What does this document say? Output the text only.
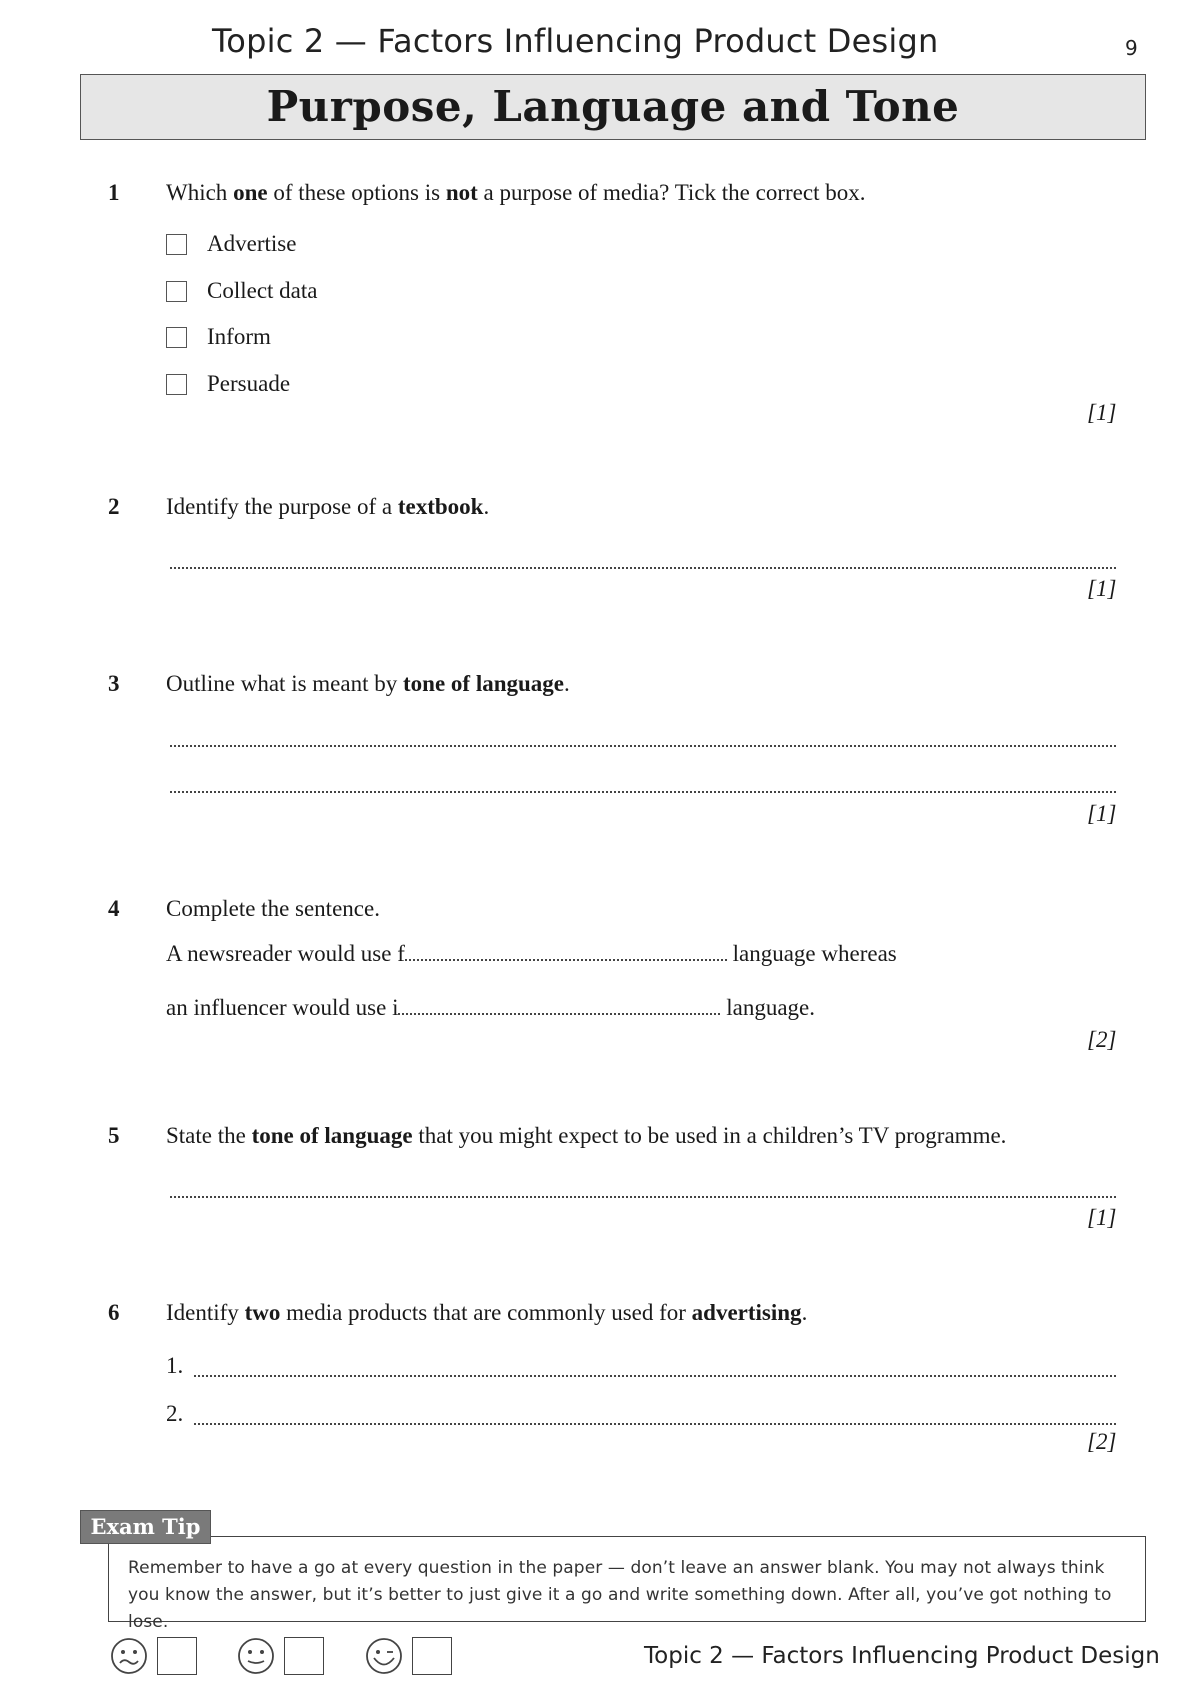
Topic 2 — Factors Influencing Product Design	9
Purpose, Language and Tone
1 Which one of these options is not a purpose of media? Tick the correct box.
Advertise
Collect data
Inform
Persuade
[1]
2 Identify the purpose of a textbook.
[1]
3 Outline what is meant by tone of language.
[1]
4 Complete the sentence.
A newsreader would use f	language whereas
an influencer would use i	language.
[2]
5 State the tone of language that you might expect to be used in a children’s TV programme.
[1]
6 Identify two media products that are commonly used for advertising.
1.
2.
[2]
Exam Tip
Remember to have a go at every question in the paper — don’t leave an answer blank. You may not always think you know the answer, but it’s better to just give it a go and write something down. After all, you’ve got nothing to lose.
Topic 2 — Factors Influencing Product Design
